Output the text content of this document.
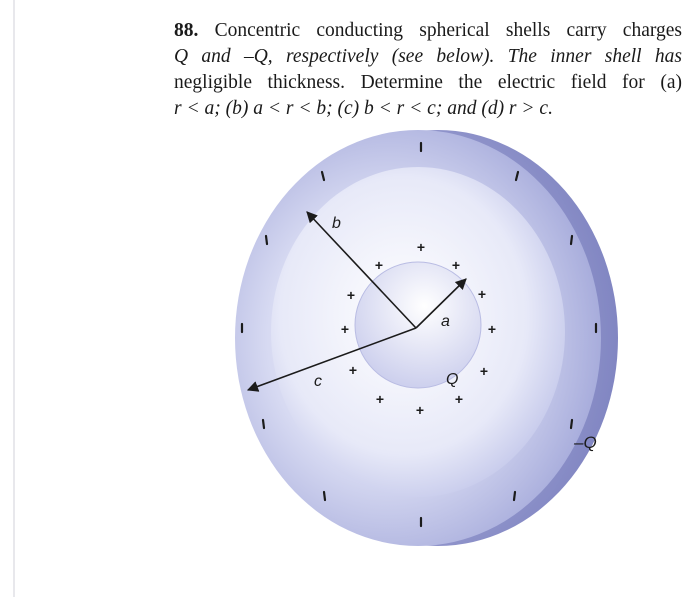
88. Concentric conducting spherical shells carry charges
Q and –Q, respectively (see below). The inner shell has
negligible thickness. Determine the electric field for (a)
r < a; (b) a < r < b; (c) b < r < c; and (d) r > c.
b
a
c	Q
–Q
+
+	+
+	+
+	+
+	+
+	+
+
